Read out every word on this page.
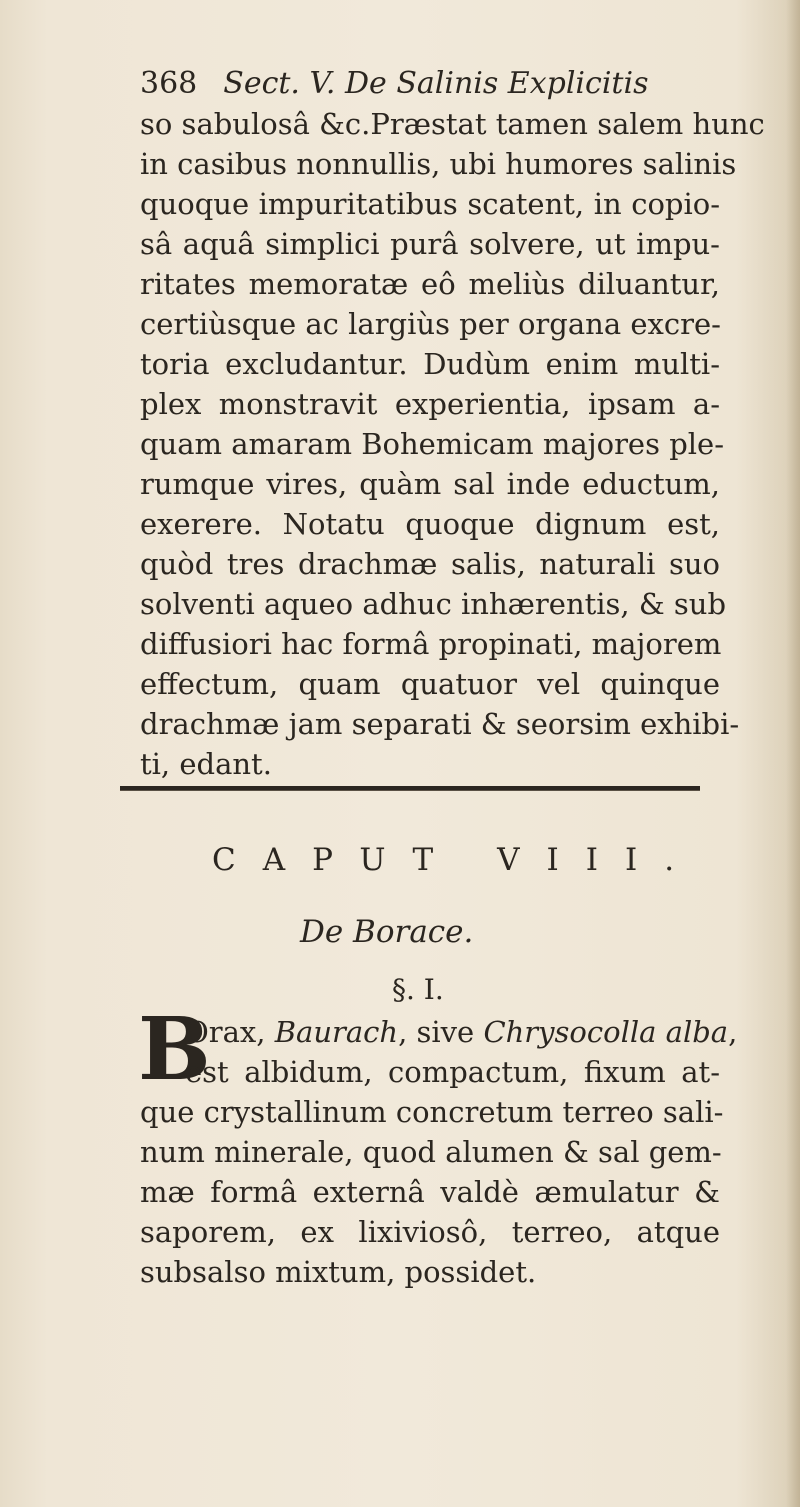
368 Sect. V. De Salinis Explicitis
so sabulosâ &c.Præstat tamen salem hunc
in casibus nonnullis, ubi humores salinis
quoque impuritatibus scatent, in copio-
sâ aquâ simplici purâ solvere, ut impu-
ritates memoratæ eô meliùs diluantur,
certiùsque ac largiùs per organa excre-
toria excludantur. Dudùm enim multi-
plex monstravit experientia, ipsam a-
quam amaram Bohemicam majores ple-
rumque vires, quàm sal inde eductum,
exerere. Notatu quoque dignum est,
quòd tres drachmæ salis, naturali suo
solventi aqueo adhuc inhærentis, & sub
diffusiori hac formâ propinati, majorem
effectum, quam quatuor vel quinque
drachmæ jam separati & seorsim exhibi-
ti, edant.
CAPUT VIII.
De Borace.
§. I.
B
Orax, Baurach, sive Chrysocolla alba,
est albidum, compactum, fixum at-
que crystallinum concretum terreo sali-
num minerale, quod alumen & sal gem-
mæ formâ externâ valdè æmulatur &
saporem, ex lixiviosô, terreo, atque
subsalso mixtum, possidet.
